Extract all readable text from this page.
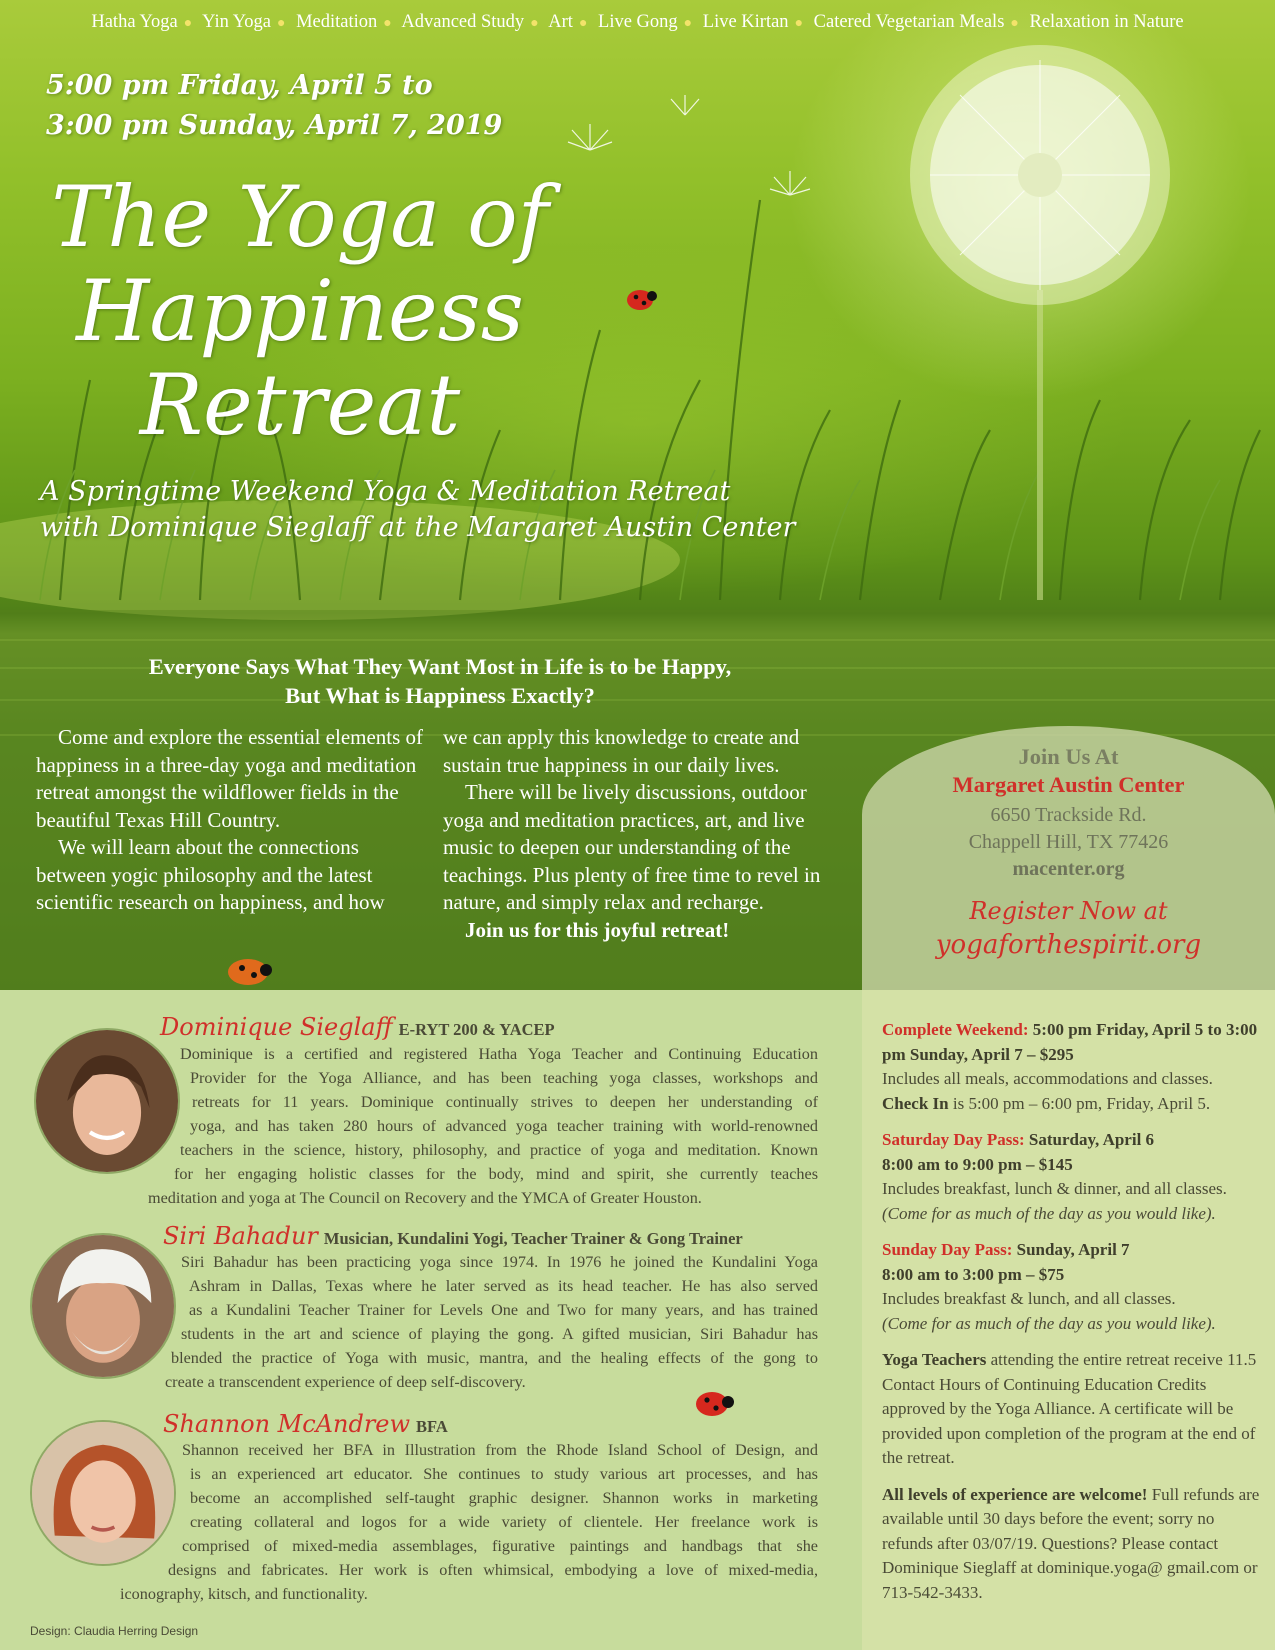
Hatha Yoga ● Yin Yoga ● Meditation ● Advanced Study ● Art ● Live Gong ● Live Kirtan ● Catered Vegetarian Meals ● Relaxation in Nature
5:00 pm Friday, April 5 to
3:00 pm Sunday, April 7, 2019
The Yoga of
Happiness
Retreat
A Springtime Weekend Yoga & Meditation Retreat
with Dominique Sieglaff at the Margaret Austin Center
Everyone Says What They Want Most in Life is to be Happy,
But What is Happiness Exactly?

Come and explore the essential elements of happiness in a three-day yoga and meditation retreat amongst the wildflower fields in the beautiful Texas Hill Country.

We will learn about the connections between yogic philosophy and the latest scientific research on happiness, and how

we can apply this knowledge to create and sustain true happiness in our daily lives.

There will be lively discussions, outdoor yoga and meditation practices, art, and live music to deepen our understanding of the teachings. Plus plenty of free time to revel in nature, and simply relax and recharge.

Join us for this joyful retreat!

Join Us At
Margaret Austin Center
6650 Trackside Rd.
Chappell Hill, TX 77426
macenter.org
Register Now at
yogaforthespirit.org
Dominique Sieglaff E-RYT 200 & YACEP
Dominique is a certified and registered Hatha Yoga Teacher and Continuing Education
Provider for the Yoga Alliance, and has been teaching yoga classes, workshops and
retreats for 11 years. Dominique continually strives to deepen her understanding of
yoga, and has taken 280 hours of advanced yoga teacher training with world-renowned
teachers in the science, history, philosophy, and practice of yoga and meditation. Known
for her engaging holistic classes for the body, mind and spirit, she currently teaches
meditation and yoga at The Council on Recovery and the YMCA of Greater Houston.
Siri Bahadur Musician, Kundalini Yogi, Teacher Trainer & Gong Trainer
Siri Bahadur has been practicing yoga since 1974. In 1976 he joined the Kundalini Yoga
Ashram in Dallas, Texas where he later served as its head teacher. He has also served
as a Kundalini Teacher Trainer for Levels One and Two for many years, and has trained
students in the art and science of playing the gong. A gifted musician, Siri Bahadur has
blended the practice of Yoga with music, mantra, and the healing effects of the gong to
create a transcendent experience of deep self-discovery.
Shannon McAndrew BFA
Shannon received her BFA in Illustration from the Rhode Island School of Design, and
is an experienced art educator. She continues to study various art processes, and has
become an accomplished self-taught graphic designer. Shannon works in marketing
creating collateral and logos for a wide variety of clientele. Her freelance work is
comprised of mixed-media assemblages, figurative paintings and handbags that she
designs and fabricates. Her work is often whimsical, embodying a love of mixed-media,
iconography, kitsch, and functionality.
Design: Claudia Herring Design
Complete Weekend: 5:00 pm Friday, April 5 to 3:00 pm Sunday, April 7 – $295
Includes all meals, accommodations and classes.
Check In is 5:00 pm – 6:00 pm, Friday, April 5.
Saturday Day Pass: Saturday, April 6
8:00 am to 9:00 pm – $145
Includes breakfast, lunch & dinner, and all classes.
(Come for as much of the day as you would like).
Sunday Day Pass: Sunday, April 7
8:00 am to 3:00 pm – $75
Includes breakfast & lunch, and all classes.
(Come for as much of the day as you would like).
Yoga Teachers attending the entire retreat receive 11.5 Contact Hours of Continuing Education Credits approved by the Yoga Alliance. A certificate will be provided upon completion of the program at the end of the retreat.
All levels of experience are welcome! Full refunds are available until 30 days before the event; sorry no refunds after 03/07/19. Questions? Please contact Dominique Sieglaff at dominique.yoga@ gmail.com or 713-542-3433.
